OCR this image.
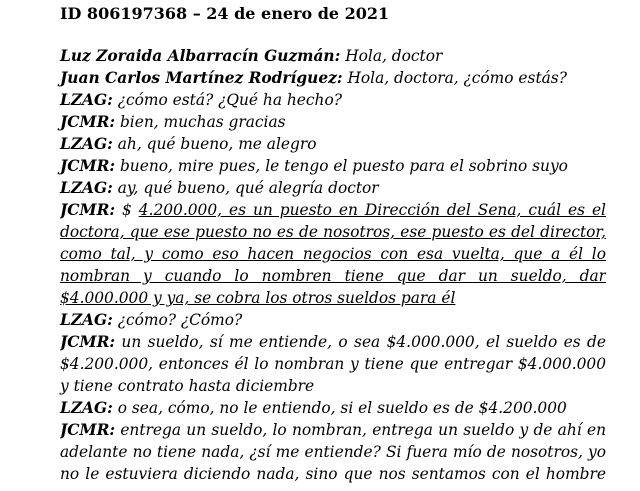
ID 806197368 – 24 de enero de 2021
Luz Zoraida Albarracín Guzmán: Hola, doctor
Juan Carlos Martínez Rodríguez: Hola, doctora, ¿cómo estás?
LZAG: ¿cómo está? ¿Qué ha hecho?
JCMR: bien, muchas gracias
LZAG: ah, qué bueno, me alegro
JCMR: bueno, mire pues, le tengo el puesto para el sobrino suyo
LZAG: ay, qué bueno, qué alegría doctor
JCMR: $ 4.200.000, es un puesto en Dirección del Sena, cuál es el
doctora, que ese puesto no es de nosotros, ese puesto es del director,
como tal, y como eso hacen negocios con esa vuelta, que a él lo
nombran y cuando lo nombren tiene que dar un sueldo, dar
$4.000.000 y ya, se cobra los otros sueldos para él
LZAG: ¿cómo? ¿Cómo?
JCMR: un sueldo, sí me entiende, o sea $4.000.000, el sueldo es de
$4.200.000, entonces él lo nombran y tiene que entregar $4.000.000
y tiene contrato hasta diciembre
LZAG: o sea, cómo, no le entiendo, si el sueldo es de $4.200.000
JCMR: entrega un sueldo, lo nombran, entrega un sueldo y de ahí en
adelante no tiene nada, ¿sí me entiende? Si fuera mío de nosotros, yo
no le estuviera diciendo nada, sino que nos sentamos con el hombre
